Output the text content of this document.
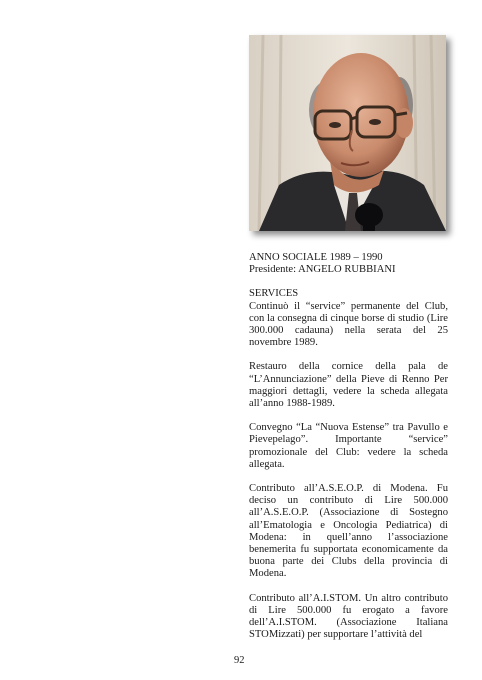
ANNO SOCIALE 1989 – 1990

Presidente: ANGELO RUBBIANI

SERVICES

Continuò il “service” permanente del Club, con la consegna di cinque borse di studio (Lire 300.000 cadauna) nella serata del 25 novembre 1989.

Restauro della cornice della pala de “L’Annunciazione” della Pieve di Renno Per maggiori dettagli, vedere la scheda allegata all’anno 1988-1989.

Convegno “La “Nuova Estense” tra Pavullo e Pievepelago”. Importante “service” promozionale del Club: vedere la scheda allegata.

Contributo all’A.S.E.O.P. di Modena. Fu deciso un contributo di Lire 500.000 all’A.S.E.O.P. (Associazione di Sostegno all’Ematologia e Oncologia Pediatrica) di Modena: in quell’anno l’associazione benemerita fu supportata economicamente da buona parte dei Clubs della provincia di Modena.

Contributo all’A.I.STOM. Un altro contributo di Lire 500.000 fu erogato a favore dell’A.I.STOM. (Associazione Italiana STOMizzati) per supportare l’attività del

92
